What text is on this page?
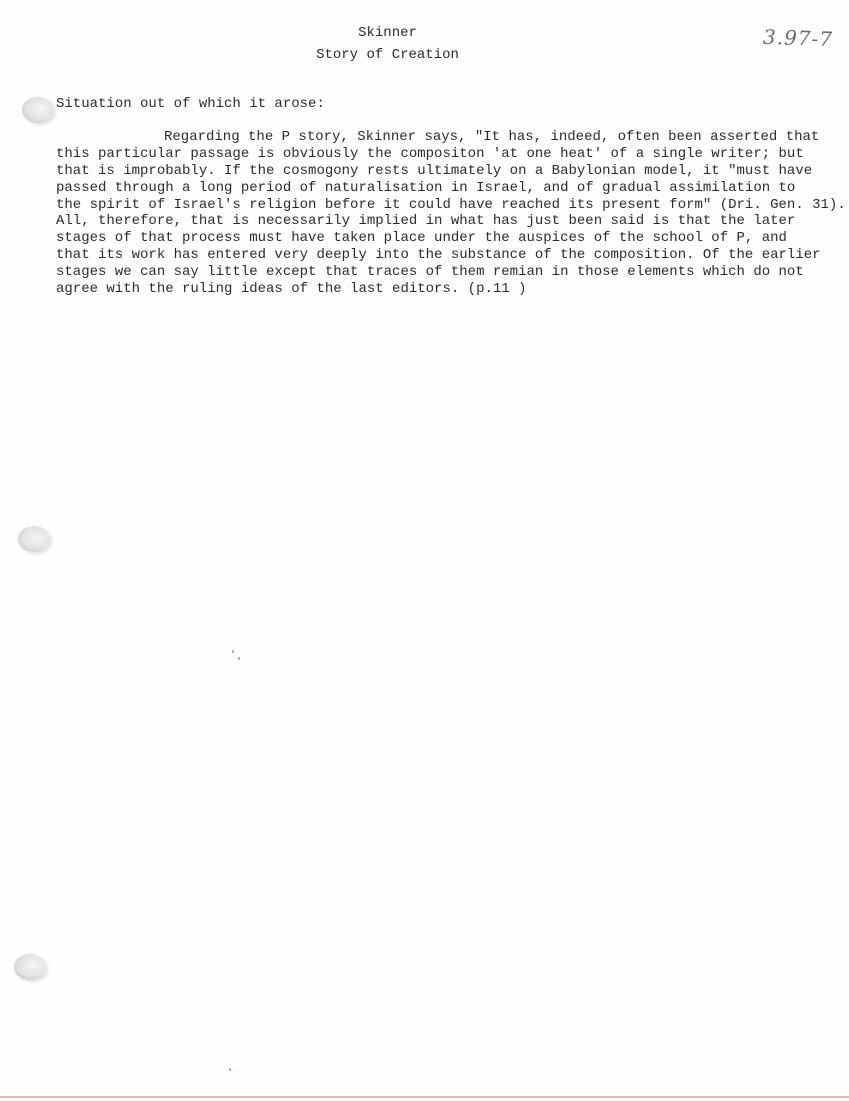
Skinner
Story of Creation
3.97-7
Situation out of which it arose:
Regarding the P story, Skinner says, "It has, indeed, often been asserted that
this particular passage is obviously the compositon 'at one heat' of a single writer; but
that is improbably. If the cosmogony rests ultimately on a Babylonian model, it "must have
passed through a long period of naturalisation in Israel, and of gradual assimilation to
the spirit of Israel's religion before it could have reached its present form" (Dri. Gen. 31).
All, therefore, that is necessarily implied in what has just been said is that the later
stages of that process must have taken place under the auspices of the school of P, and
that its work has entered very deeply into the substance of the composition. Of the earlier
stages we can say little except that traces of them remian in those elements which do not
agree with the ruling ideas of the last editors. (p.11 )
